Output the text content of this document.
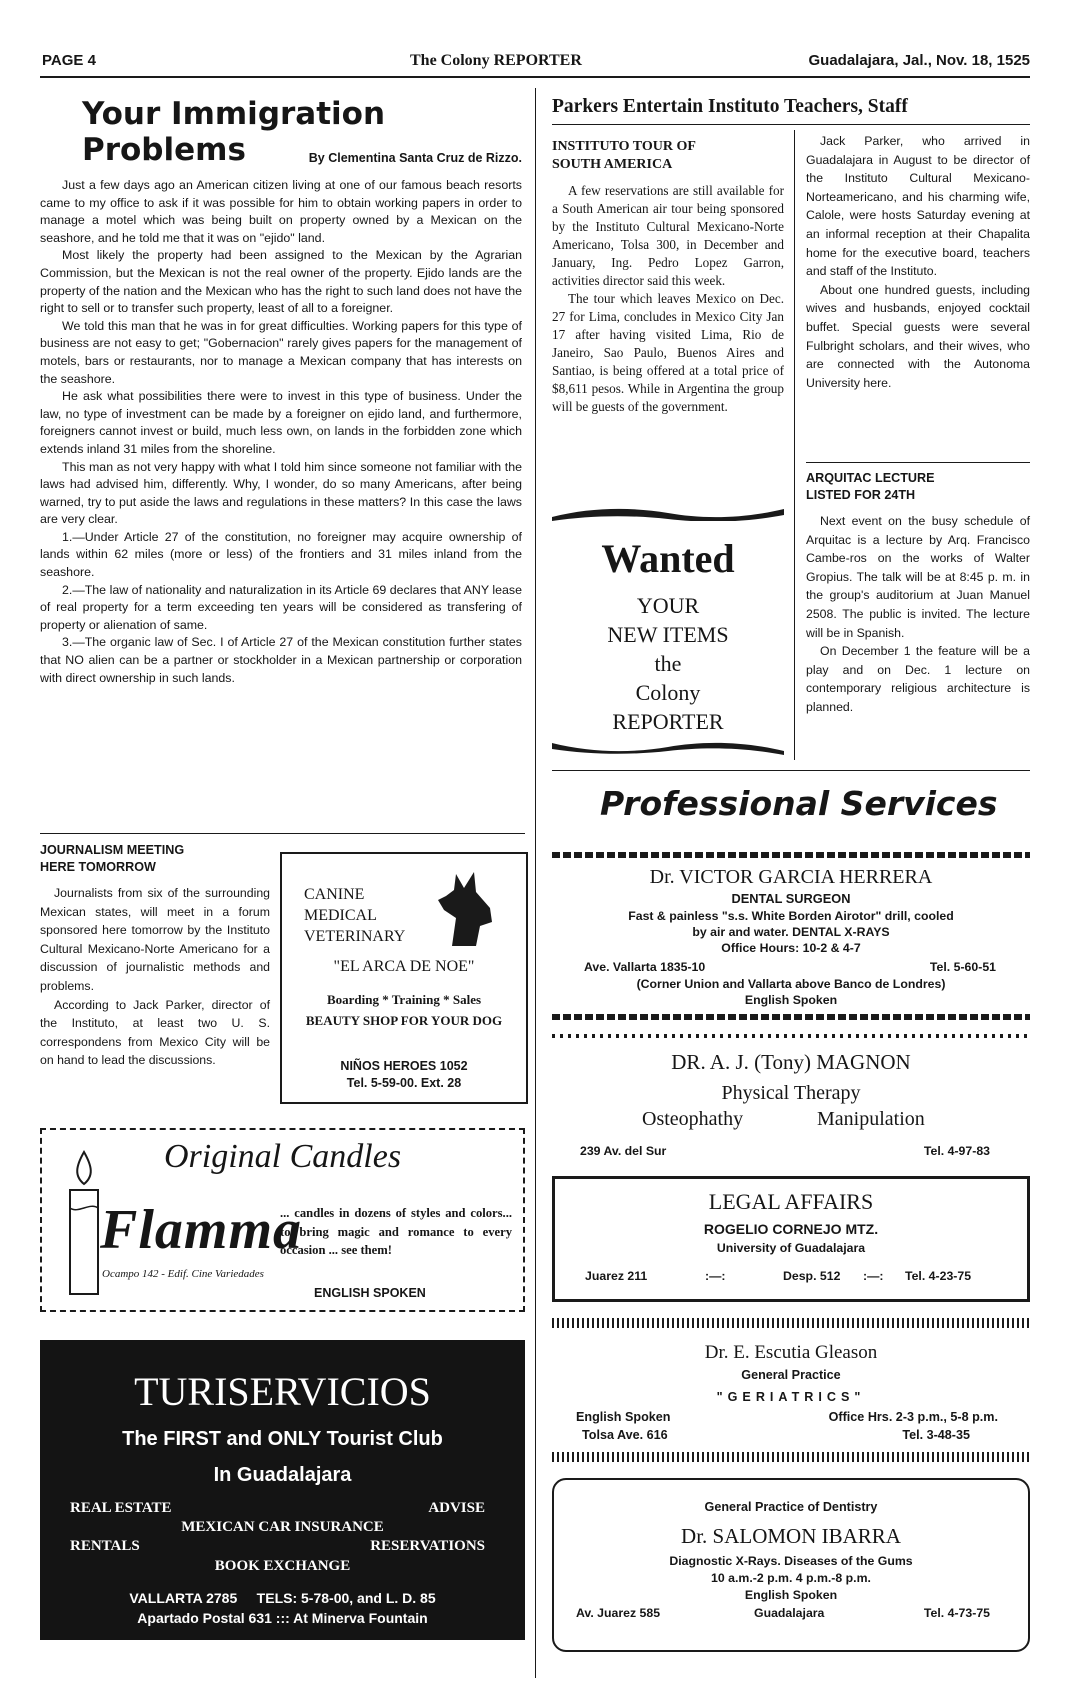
PAGE 4	The Colony REPORTER	Guadalajara, Jal., Nov. 18, 1525
Your Immigration Problems	By Clementina Santa Cruz de Rizzo.

Just a few days ago an American citizen living at one of our famous beach resorts came to my office to ask if it was possible for him to obtain working papers in order to manage a motel which was being built on property owned by a Mexican on the seashore, and he told me that it was on "ejido" land.

Most likely the property had been assigned to the Mexican by the Agrarian Commission, but the Mexican is not the real owner of the property. Ejido lands are the property of the nation and the Mexican who has the right to such land does not have the right to sell or to transfer such property, least of all to a foreigner.

We told this man that he was in for great difficulties. Working papers for this type of business are not easy to get; "Gobernacion" rarely gives papers for the management of motels, bars or restaurants, nor to manage a Mexican company that has interests on the seashore.

He ask what possibilities there were to invest in this type of business. Under the law, no type of investment can be made by a foreigner on ejido land, and furthermore, foreigners cannot invest or build, much less own, on lands in the forbidden zone which extends inland 31 miles from the shoreline.

This man as not very happy with what I told him since someone not familiar with the laws had advised him, differently. Why, I wonder, do so many Americans, after being warned, try to put aside the laws and regulations in these matters? In this case the laws are very clear.

1.—Under Article 27 of the constitution, no foreigner may acquire ownership of lands within 62 miles (more or less) of the frontiers and 31 miles inland from the seashore.

2.—The law of nationality and naturalization in its Article 69 declares that ANY lease of real property for a term exceeding ten years will be considered as transfering of property or alienation of same.

3.—The organic law of Sec. I of Article 27 of the Mexican constitution further states that NO alien can be a partner or stockholder in a Mexican partnership or corporation with direct ownership in such lands.

JOURNALISM MEETING
HERE TOMORROW

Journalists from six of the surrounding Mexican states, will meet in a forum sponsored here tomorrow by the Instituto Cultural Mexicano-Norte Americano for a discussion of journalistic methods and problems.

According to Jack Parker, director of the Instituto, at least two U. S. correspondens from Mexico City will be on hand to lead the discussions.

CANINE
MEDICAL
VETERINARY
"EL ARCA DE NOE"
Boarding * Training * Sales
BEAUTY SHOP FOR YOUR DOG
NIÑOS HEROES 1052
Tel. 5-59-00. Ext. 28
Original Candles
Flamma
Ocampo 142 - Edif. Cine Variedades
... candles in dozens of styles and colors... to bring magic and romance to every occasion ... see them!
ENGLISH SPOKEN
TURISERVICIOS
The FIRST and ONLY Tourist Club
In Guadalajara
REAL ESTATE	ADVISE
MEXICAN CAR INSURANCE
RENTALS	RESERVATIONS
BOOK EXCHANGE
VALLARTA 2785     TELS: 5-78-00, and L. D. 85
Apartado Postal 631 ::: At Minerva Fountain
Parkers Entertain Instituto Teachers, Staff
INSTITUTO TOUR OF
SOUTH AMERICA

A few reservations are still available for a South American air tour being sponsored by the Instituto Cultural Mexicano-Norte Americano, Tolsa 300, in December and January, Ing. Pedro Lopez Garron, activities director said this week.

The tour which leaves Mexico on Dec. 27 for Lima, concludes in Mexico City Jan 17 after having visited Lima, Rio de Janeiro, Sao Paulo, Buenos Aires and Santiao, is being offered at a total price of $8,611 pesos. While in Argentina the group will be guests of the government.

Wanted
YOUR
NEW ITEMS
the
Colony
REPORTER

Jack Parker, who arrived in Guadalajara in August to be director of the Instituto Cultural Mexicano-Norteamericano, and his charming wife, Calole, were hosts Saturday evening at an informal reception at their Chapalita home for the executive board, teachers and staff of the Instituto.

About one hundred guests, including wives and husbands, enjoyed cocktail buffet. Special guests were several Fulbright scholars, and their wives, who are connected with the Autonoma University here.

ARQUITAC LECTURE
LISTED FOR 24TH

Next event on the busy schedule of Arquitac is a lecture by Arq. Francisco Cambe-ros on the works of Walter Gropius. The talk will be at 8:45 p. m. in the group's auditorium at Juan Manuel 2508. The public is invited. The lecture will be in Spanish.

On December 1 the feature will be a play and on Dec. 1 lecture on contemporary religious architecture is planned.

Professional Services
Dr. VICTOR GARCIA HERRERA
DENTAL SURGEON
Fast & painless "s.s. White Borden Airotor" drill, cooled
by air and water. DENTAL X-RAYS
Office Hours: 10-2 & 4-7
Ave. Vallarta 1835-10	Tel. 5-60-51
(Corner Union and Vallarta above Banco de Londres)
English Spoken
DR. A. J. (Tony) MAGNON
Physical Therapy
Osteophathy	Manipulation
239 Av. del Sur	Tel. 4-97-83
LEGAL AFFAIRS
ROGELIO CORNEJO MTZ.
University of Guadalajara
Juarez 211	:—:	Desp. 512 :—: Tel. 4-23-75
Dr. E. Escutia Gleason
General Practice
"GERIATRICS"
English Spoken	Office Hrs. 2-3 p.m., 5-8 p.m.
Tolsa Ave. 616	Tel. 3-48-35
General Practice of Dentistry
Dr. SALOMON IBARRA
Diagnostic X-Rays. Diseases of the Gums
10 a.m.-2 p.m. 4 p.m.-8 p.m.
English Spoken
Av. Juarez 585	Guadalajara	Tel. 4-73-75
